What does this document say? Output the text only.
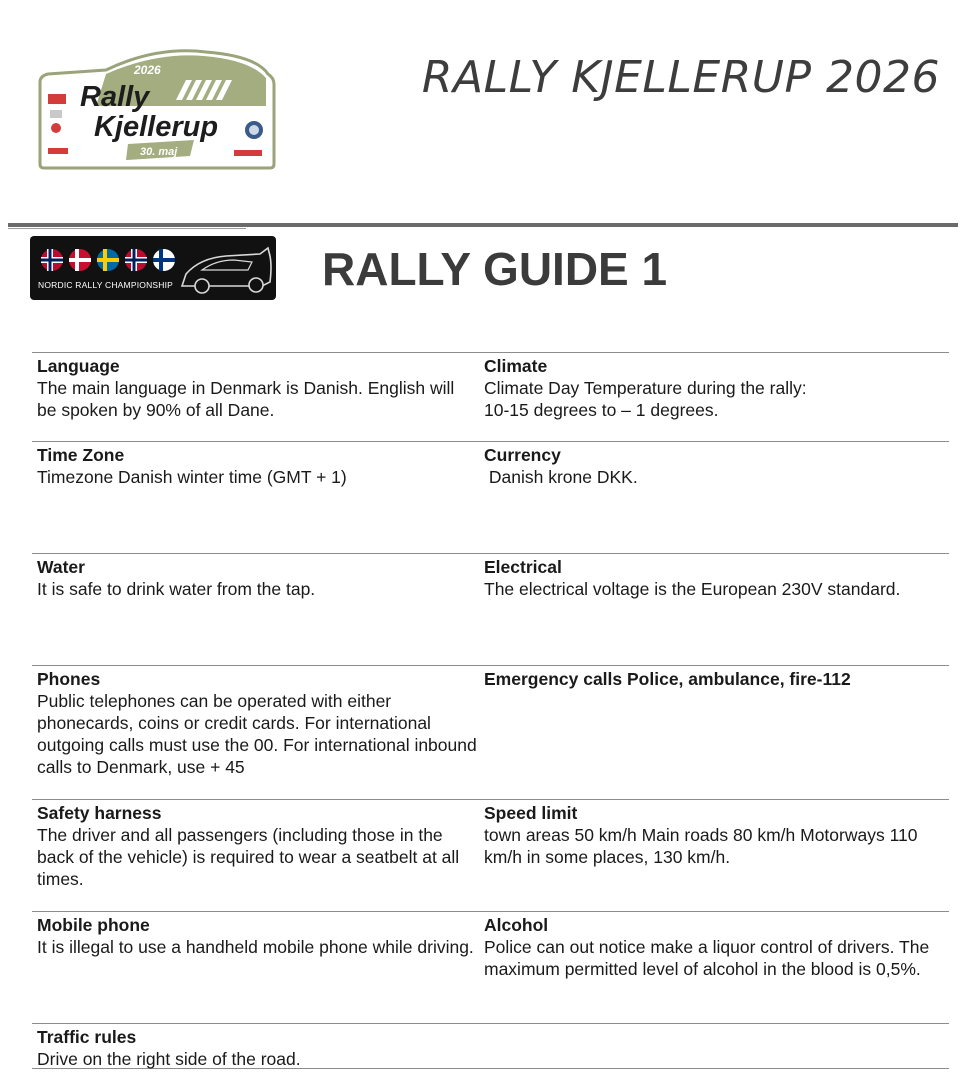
2026
Rally
Kjellerup
30. maj
RALLY KJELLERUP 2026
NORDIC RALLY CHAMPIONSHIP	RALLY GUIDE 1
Language
The main language in Denmark is Danish. English will be spoken by 90% of all Dane.
Climate
Climate Day Temperature during the rally:
10-15 degrees to – 1 degrees.
Time Zone
Timezone Danish winter time (GMT + 1)
Currency
Danish krone DKK.
Water
It is safe to drink water from the tap.
Electrical
The electrical voltage is the European 230V standard.
Phones
Public telephones can be operated with either phonecards, coins or credit cards. For international outgoing calls must use the 00. For international inbound calls to Denmark, use + 45
Emergency calls Police, ambulance, fire-112
Safety harness
The driver and all passengers (including those in the back of the vehicle) is required to wear a seatbelt at all times.
Speed limit
town areas 50 km/h Main roads 80 km/h Motorways 110 km/h in some places, 130 km/h.
Mobile phone
It is illegal to use a handheld mobile phone while driving.
Alcohol
Police can out notice make a liquor control of drivers. The maximum permitted level of alcohol in the blood is 0,5%.
Traffic rules
Drive on the right side of the road.
